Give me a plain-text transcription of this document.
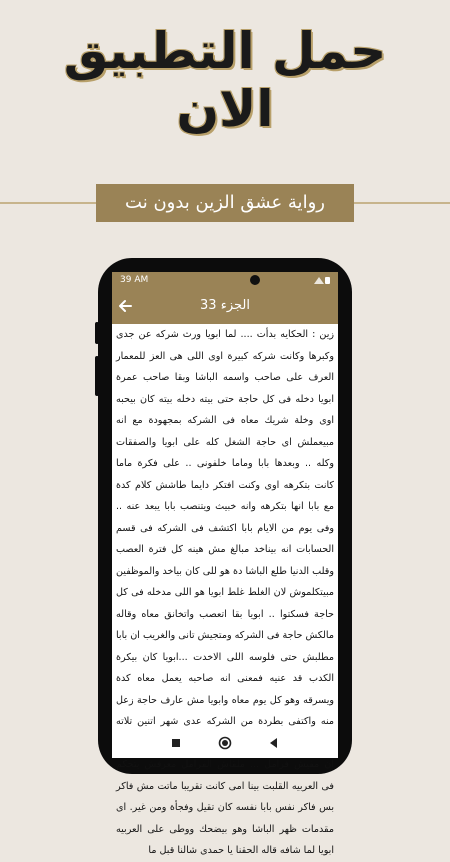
حمل التطبيق
الان
رواية عشق الزين بدون نت
39 AM
الجزء 33
زين : الحكايه بدأت .... لما ابويا ورث شركه عن جدى وكبرها وكانت شركه كبيرة اوى اللى هى العز للمعمار العرف على صاحب واسمه الباشا وبقا صاحب عمرة ابويا دخله فى كل حاجة حتى بيته دخله بيته كان بيحبه اوى وخلة شريك معاه فى الشركه بمجهودة مع انه مبيعملش اى حاجة الشغل كله على ابويا والصفقات وكله .. وبعدها بابا وماما خلفونى .. على فكرة ماما كانت بتكرهه اوى وكنت افتكر دايما طاشش كلام كدة مع بابا انها بتكرهه وانه خبيث ويتنصب بابا يبعد عنه .. وفى يوم من الايام بابا اكتشف فى الشركه فى قسم الحسابات انه بيناخد مبالغ مش هينه كل فترة العصب وقلب الدنيا طلع الباشا دة هو للى كان بياخد والموظفين مبيتكلموش لان الغلط غلط ابويا هو اللى مدخله فى كل حاجة فسكتوا .. ابويا بقا اتعصب واتخانق معاه وقاله مالكش حاجة فى الشركه ومتجيش تانى والغريب ان بابا مطلبش حتى فلوسه اللى الاخدت ...ابويا كان بيكرة الكدب قد عنيه فمعنى انه صاحبه يعمل معاه كدة ويسرقه وهو كل يوم معاه وابويا مش عارف حاجة زعل منه واكتفى بطردة من الشركه عدى شهر اتنين تلاته ان مفيش فرامل ... ملقاش الفرامل معرفش يتحكم فى العربيه القلبت بينا امى كانت تقريبا ماتت مش فاكر بس فاكر نفس بابا نفسه كان تقيل وفجأة ومن غير. اى مقدمات ظهر الباشا وهو بيضحك ووطى على العربيه ابويا لما شافه قاله الحقنا يا حمدى شالنا قبل ما
